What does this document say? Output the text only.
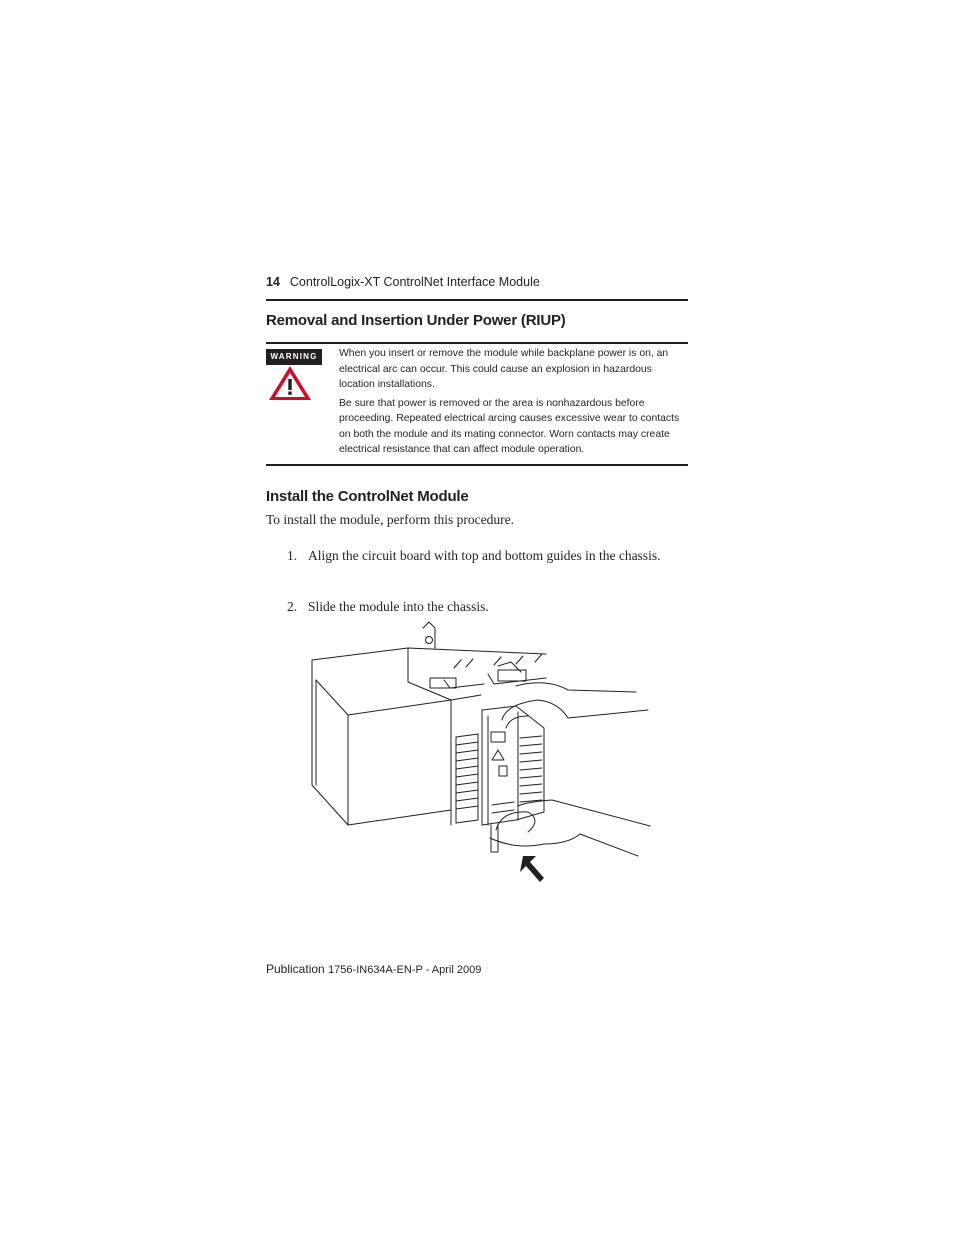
14 ControlLogix-XT ControlNet Interface Module
Removal and Insertion Under Power (RIUP)
WARNING	When you insert or remove the module while backplane power is on, an electrical arc can occur. This could cause an explosion in hazardous location installations.

Be sure that power is removed or the area is nonhazardous before proceeding. Repeated electrical arcing causes excessive wear to contacts on both the module and its mating connector. Worn contacts may create electrical resistance that can affect module operation.

Install the ControlNet Module
To install the module, perform this procedure.
1. Align the circuit board with top and bottom guides in the chassis.
2. Slide the module into the chassis.
Publication 1756-IN634A-EN-P - April 2009
